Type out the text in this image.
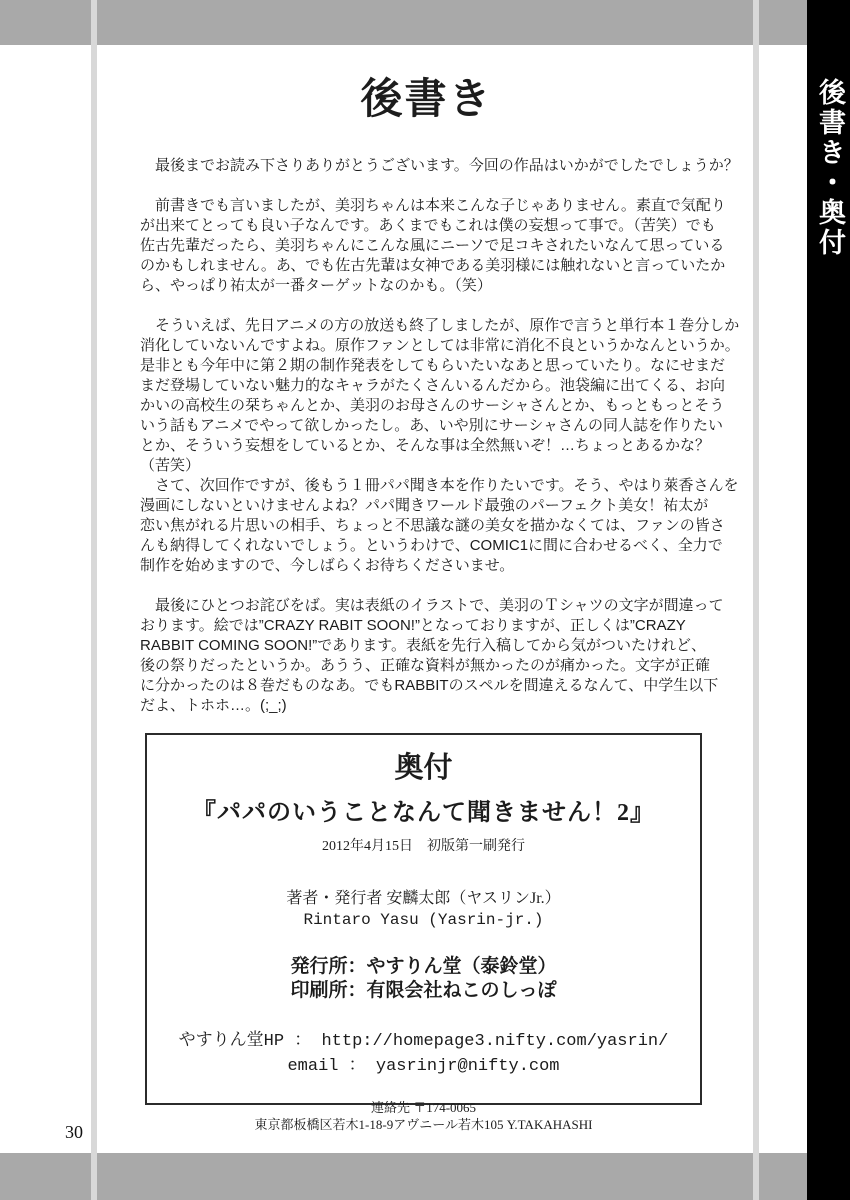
後書き・奥付
30
後書き
　最後までお読み下さりありがとうございます。今回の作品はいかがでしたでしょうか？
　前書きでも言いましたが、美羽ちゃんは本来こんな子じゃありません。素直で気配り
が出来てとっても良い子なんです。あくまでもこれは僕の妄想って事で。（苦笑）でも
佐古先輩だったら、美羽ちゃんにこんな風にニーソで足コキされたいなんて思っている
のかもしれません。あ、でも佐古先輩は女神である美羽様には触れないと言っていたか
ら、やっぱり祐太が一番ターゲットなのかも。（笑）
　そういえば、先日アニメの方の放送も終了しましたが、原作で言うと単行本１巻分しか
消化していないんですよね。原作ファンとしては非常に消化不良というかなんというか。
是非とも今年中に第２期の制作発表をしてもらいたいなあと思っていたり。なにせまだ
まだ登場していない魅力的なキャラがたくさんいるんだから。池袋編に出てくる、お向
かいの高校生の栞ちゃんとか、美羽のお母さんのサーシャさんとか、もっともっとそう
いう話もアニメでやって欲しかったし。あ、いや別にサーシャさんの同人誌を作りたい
とか、そういう妄想をしているとか、そんな事は全然無いぞ！…ちょっとあるかな？
（苦笑）
　さて、次回作ですが、後もう１冊パパ聞き本を作りたいです。そう、やはり萊香さんを
漫画にしないといけませんよね？パパ聞きワールド最強のパーフェクト美女！祐太が
恋い焦がれる片思いの相手、ちょっと不思議な謎の美女を描かなくては、ファンの皆さ
んも納得してくれないでしょう。というわけで、COMIC1に間に合わせるべく、全力で
制作を始めますので、今しばらくお待ちくださいませ。
　最後にひとつお詫びをば。実は表紙のイラストで、美羽のＴシャツの文字が間違って
おります。絵では”CRAZY RABIT SOON!”となっておりますが、正しくは”CRAZY
RABBIT COMING SOON!”であります。表紙を先行入稿してから気がついたけれど、
後の祭りだったというか。あうう、正確な資料が無かったのが痛かった。文字が正確
に分かったのは８巻だものなあ。でもRABBITのスペルを間違えるなんて、中学生以下
だよ、トホホ…。(;_;)
奥付
『パパのいうことなんて聞きません！2』
2012年4月15日　初版第一刷発行
著者・発行者 安麟太郎（ヤスリンJr.）
Rintaro Yasu (Yasrin-jr.)
発行所：やすりん堂（泰鈴堂）
印刷所：有限会社ねこのしっぽ
やすりん堂HP ： http://homepage3.nifty.com/yasrin/
email ： yasrinjr@nifty.com
連絡先 〒174-0065
東京都板橋区若木1-18-9アヴニール若木105 Y.TAKAHASHI
